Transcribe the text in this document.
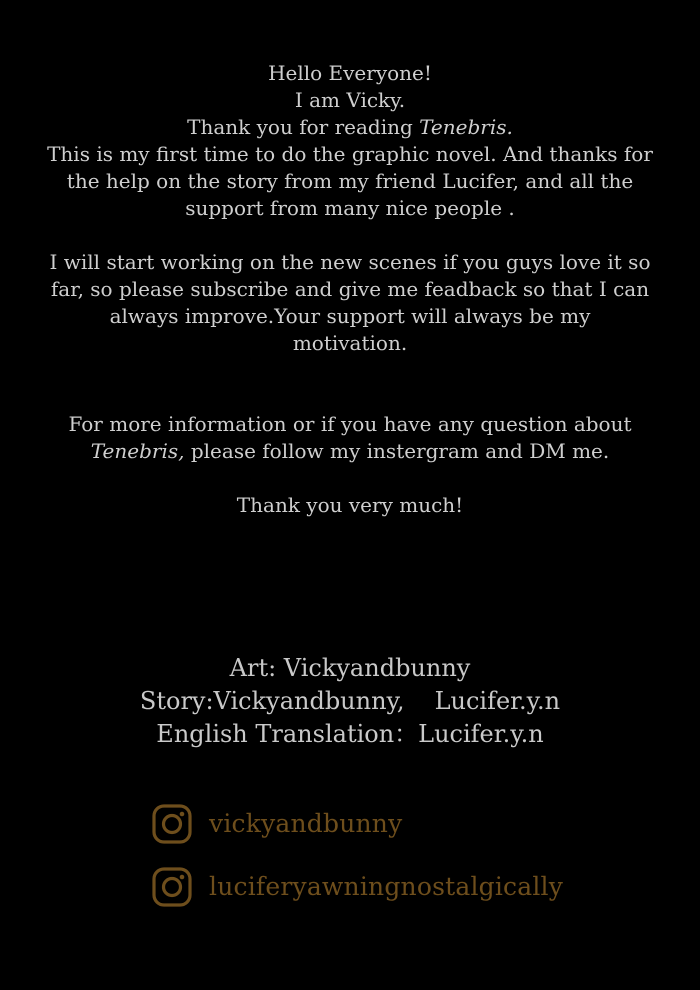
Hello Everyone!

I am Vicky.

Thank you for reading Tenebris.

This is my first time to do the graphic novel. And thanks for

the help on the story from my friend Lucifer, and all the

support from many nice people .

I will start working on the new scenes if you guys love it so

far, so please subscribe and give me feadback so that I can

always improve.Your support will always be my

motivation.

For more information or if you have any question about

Tenebris, please follow my instergram and DM me.

Thank you very much!

Art: Vickyandbunny

Story:Vickyandbunny, Lucifer.y.n

English Translation：Lucifer.y.n

vickyandbunny
luciferyawningnostalgically
